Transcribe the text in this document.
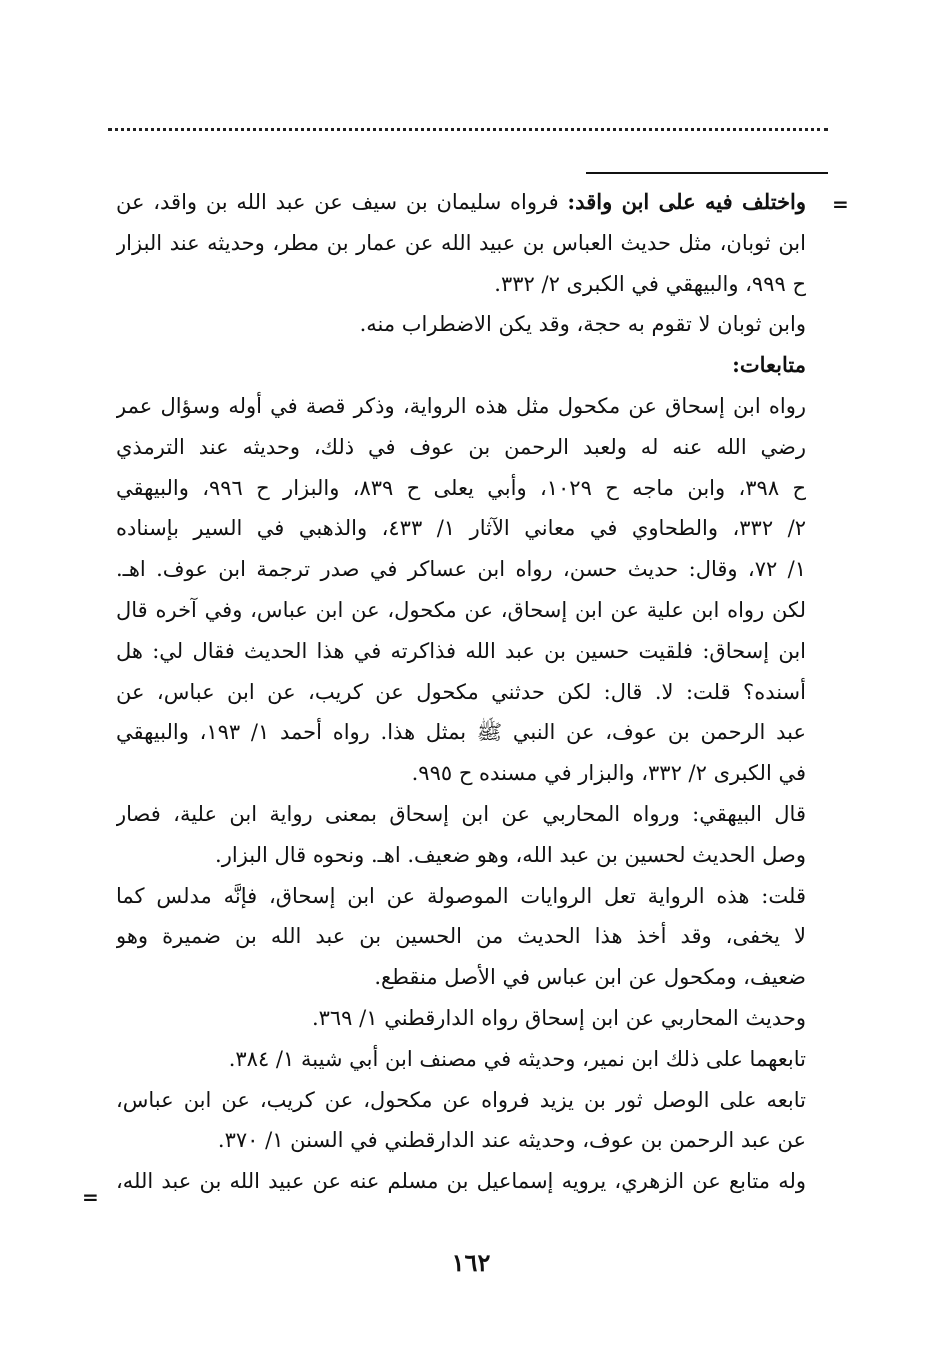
=
=
واختلف فيه على ابن واقد: فرواه سليمان بن سيف عن عبد الله بن واقد، عن
ابن ثوبان، مثل حديث العباس بن عبيد الله عن عمار بن مطر، وحديثه عند البزار
ح ٩٩٩، والبيهقي في الكبرى ٢/ ٣٣٢.
وابن ثوبان لا تقوم به حجة، وقد يكن الاضطراب منه.
متابعات:
رواه ابن إسحاق عن مكحول مثل هذه الرواية، وذكر قصة في أوله وسؤال عمر
رضي الله عنه له ولعبد الرحمن بن عوف في ذلك، وحديثه عند الترمذي
ح ٣٩٨، وابن ماجه ح ١٠٢٩، وأبي يعلى ح ٨٣٩، والبزار ح ٩٩٦، والبيهقي
٢/ ٣٣٢، والطحاوي في معاني الآثار ١/ ٤٣٣، والذهبي في السير بإسناده
١/ ٧٢، وقال: حديث حسن، رواه ابن عساكر في صدر ترجمة ابن عوف. اهـ.
لكن رواه ابن علية عن ابن إسحاق، عن مكحول، عن ابن عباس، وفي آخره قال
ابن إسحاق: فلقيت حسين بن عبد الله فذاكرته في هذا الحديث فقال لي: هل
أسنده؟ قلت: لا. قال: لكن حدثني مكحول عن كريب، عن ابن عباس، عن
عبد الرحمن بن عوف، عن النبي ﷺ بمثل هذا. رواه أحمد ١/ ١٩٣، والبيهقي
في الكبرى ٢/ ٣٣٢، والبزار في مسنده ح ٩٩٥.
قال البيهقي: ورواه المحاربي عن ابن إسحاق بمعنى رواية ابن علية، فصار
وصل الحديث لحسين بن عبد الله، وهو ضعيف. اهـ. ونحوه قال البزار.
قلت: هذه الرواية تعل الروايات الموصولة عن ابن إسحاق، فإنَّه مدلس كما
لا يخفى، وقد أخذ هذا الحديث من الحسين بن عبد الله بن ضميرة وهو
ضعيف، ومكحول عن ابن عباس في الأصل منقطع.
وحديث المحاربي عن ابن إسحاق رواه الدارقطني ١/ ٣٦٩.
تابعهما على ذلك ابن نمير، وحديثه في مصنف ابن أبي شيبة ١/ ٣٨٤.
تابعه على الوصل ثور بن يزيد فرواه عن مكحول، عن كريب، عن ابن عباس،
عن عبد الرحمن بن عوف، وحديثه عند الدارقطني في السنن ١/ ٣٧٠.
وله متابع عن الزهري، يرويه إسماعيل بن مسلم عنه عن عبيد الله بن عبد الله،
١٦٢
